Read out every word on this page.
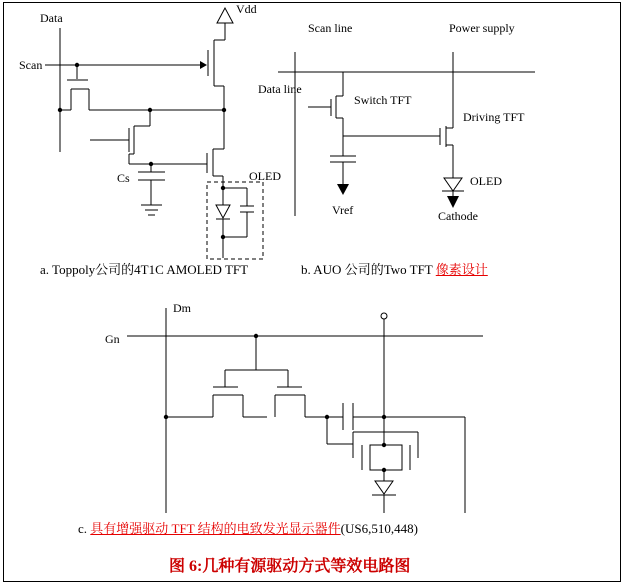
Data
Scan
Vdd
Cs	OLED
a. Toppoly公司的4T1C AMOLED TFT
Scan line	Power supply
Data line
Switch TFT
Driving TFT
OLED
Vref	Cathode
b. AUO 公司的Two TFT 像素设计
Dm
Gn
c. 具有增强驱动 TFT 结构的电致发光显示器件(US6,510,448)
图 6:几种有源驱动方式等效电路图
